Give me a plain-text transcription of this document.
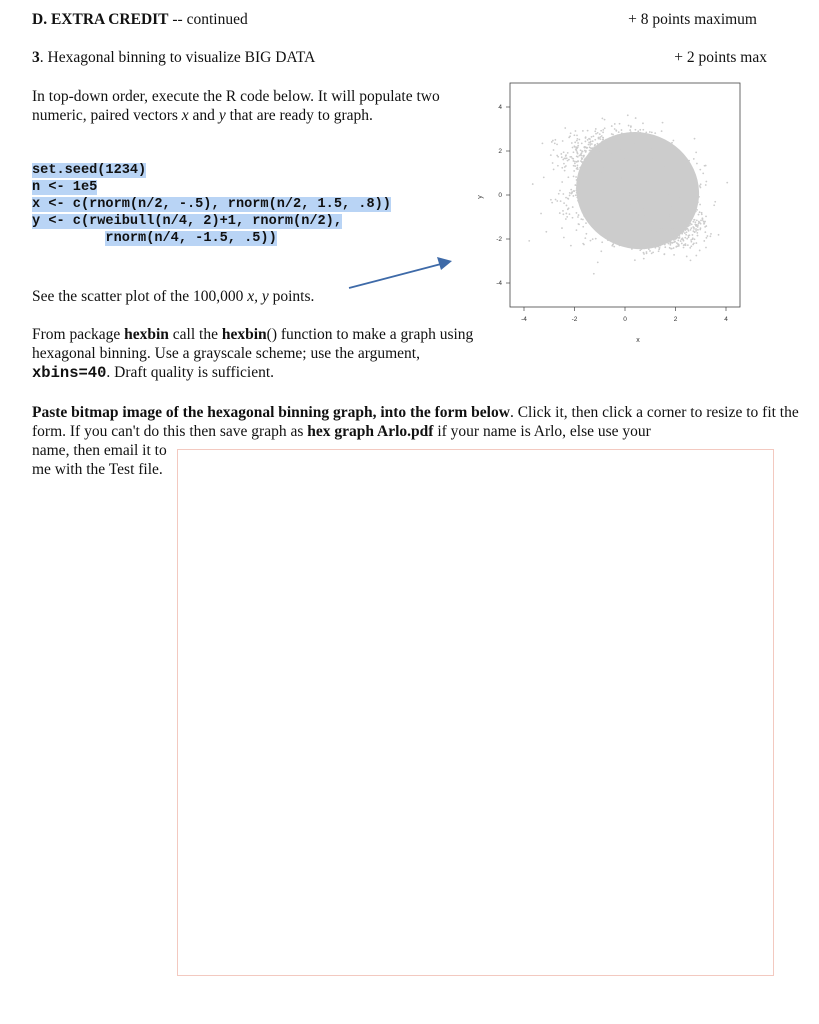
D. EXTRA CREDIT -- continued	+ 8 points maximum
3. Hexagonal binning to visualize BIG DATA	+ 2 points max
In top-down order, execute the R code below. It will populate two numeric, paired vectors x and y that are ready to graph.
set.seed(1234)
n <- 1e5
x <- c(rnorm(n/2, -.5), rnorm(n/2, 1.5, .8))
y <- c(rweibull(n/4, 2)+1, rnorm(n/2),
rnorm(n/4, -1.5, .5))
See the scatter plot of the 100,000 x, y points.
From package hexbin call the hexbin() function to make a graph using hexagonal binning. Use a grayscale scheme; use the argument, xbins=40. Draft quality is sufficient.
Paste bitmap image of the hexagonal binning graph, into the form below. Click it, then click a corner to resize to fit the form. If you can't do this then save graph as hex graph Arlo.pdf if your name is Arlo, else use your
name, then email it to me with the Test file.
-4	-2	0	2	4
4
2
0
-2
-4
x
y
